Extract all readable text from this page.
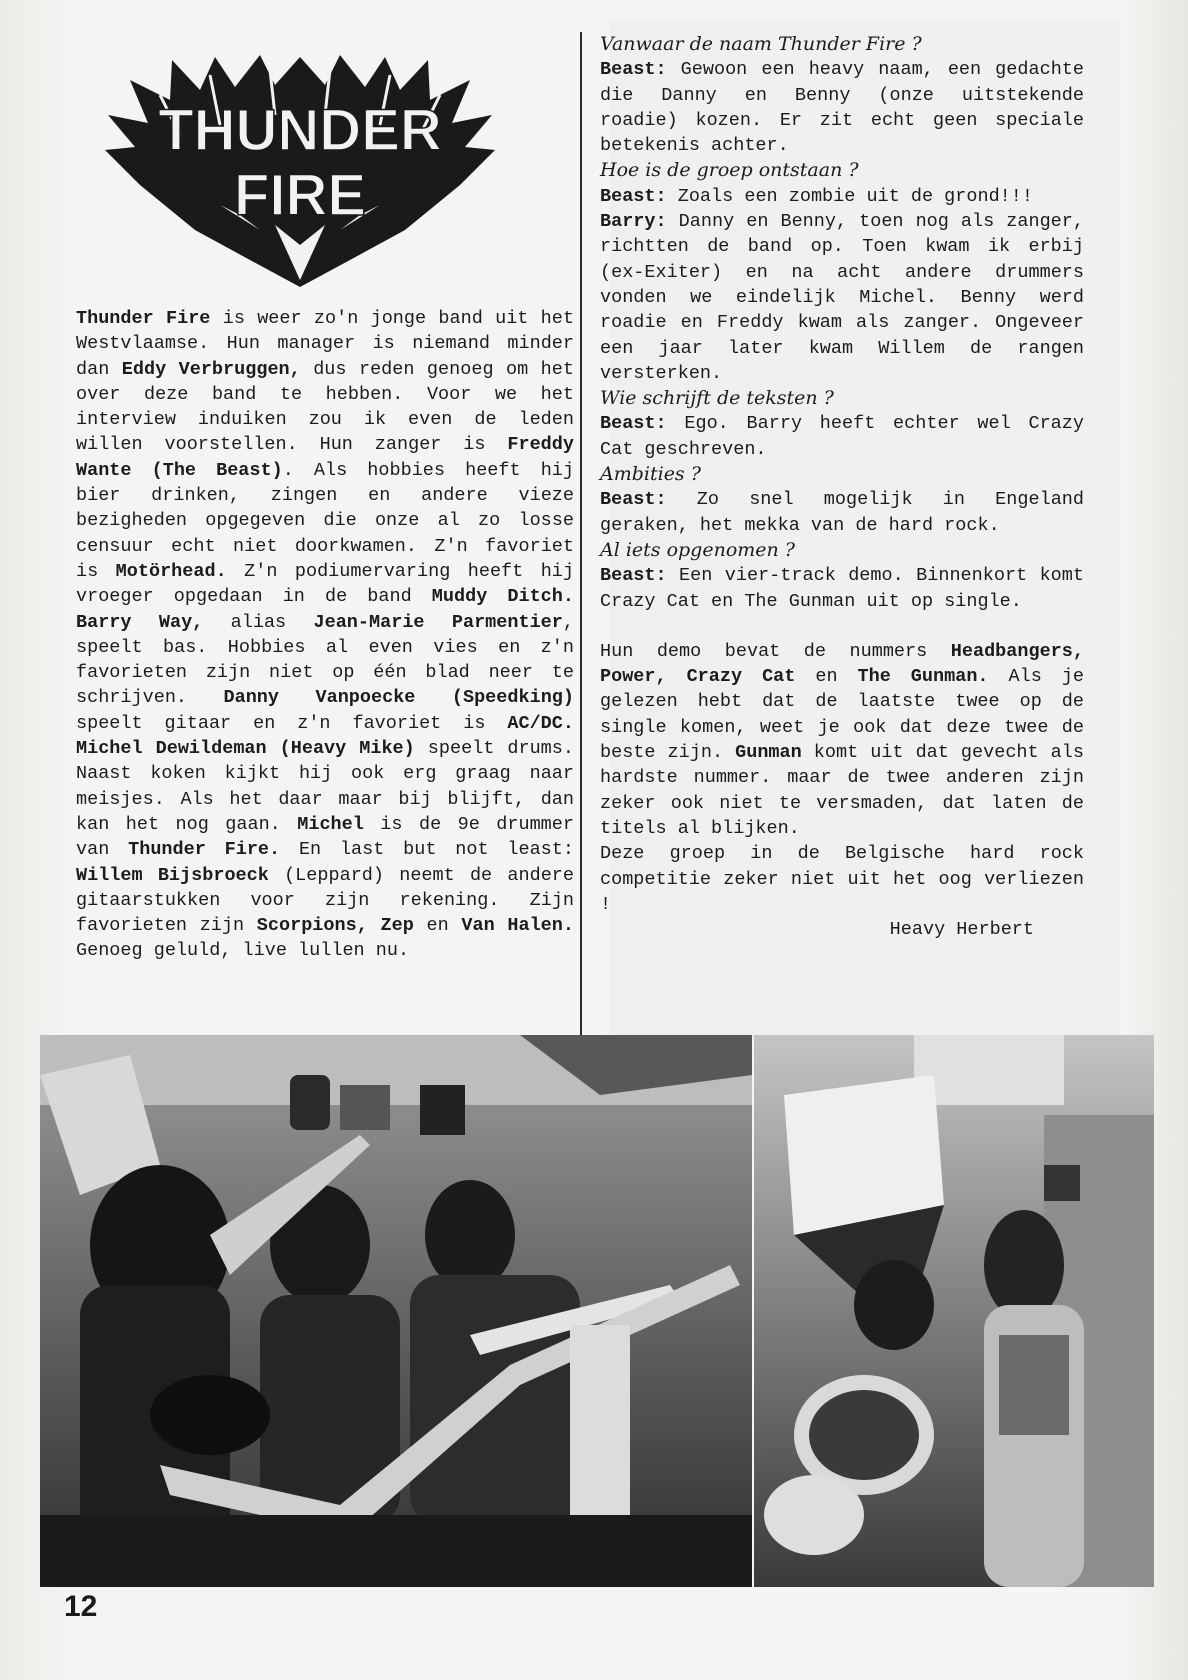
THUNDER
FIRE

Thunder Fire is weer zo'n jonge band uit het Westvlaamse. Hun manager is niemand minder dan Eddy Verbruggen, dus reden genoeg om het over deze band te hebben. Voor we het interview induiken zou ik even de leden willen voorstellen. Hun zanger is Freddy Wante (The Beast). Als hobbies heeft hij bier drinken, zingen en andere vieze bezigheden opgegeven die onze al zo losse censuur echt niet doorkwamen. Z'n favoriet is Motörhead. Z'n podiumervaring heeft hij vroeger opgedaan in de band Muddy Ditch. Barry Way, alias Jean-Marie Parmentier, speelt bas. Hobbies al even vies en z'n favorieten zijn niet op één blad neer te schrijven. Danny Vanpoecke (Speedking) speelt gitaar en z'n favoriet is AC/DC. Michel Dewildeman (Heavy Mike) speelt drums. Naast koken kijkt hij ook erg graag naar meisjes. Als het daar maar bij blijft, dan kan het nog gaan. Michel is de 9e drummer van Thunder Fire. En last but not least: Willem Bijsbroeck (Leppard) neemt de andere gitaarstukken voor zijn rekening. Zijn favorieten zijn Scorpions, Zep en Van Halen. Genoeg geluld, live lullen nu.

Vanwaar de naam Thunder Fire ?

Beast: Gewoon een heavy naam, een gedachte die Danny en Benny (onze uitstekende roadie) kozen. Er zit echt geen speciale betekenis achter.

Hoe is de groep ontstaan ?

Beast: Zoals een zombie uit de grond!!!

Barry: Danny en Benny, toen nog als zanger, richtten de band op. Toen kwam ik erbij (ex-Exiter) en na acht andere drummers vonden we eindelijk Michel. Benny werd roadie en Freddy kwam als zanger. Ongeveer een jaar later kwam Willem de rangen versterken.

Wie schrijft de teksten ?

Beast: Ego. Barry heeft echter wel Crazy Cat geschreven.

Ambities ?

Beast: Zo snel mogelijk in Engeland geraken, het mekka van de hard rock.

Al iets opgenomen ?

Beast: Een vier-track demo. Binnenkort komt Crazy Cat en The Gunman uit op single.

Hun demo bevat de nummers Headbangers, Power, Crazy Cat en The Gunman. Als je gelezen hebt dat de laatste twee op de single komen, weet je ook dat deze twee de beste zijn. Gunman komt uit dat gevecht als hardste nummer. maar de twee anderen zijn zeker ook niet te versmaden, dat laten de titels al blijken.

Deze groep in de Belgische hard rock competitie zeker niet uit het oog verliezen !

Heavy Herbert

12
